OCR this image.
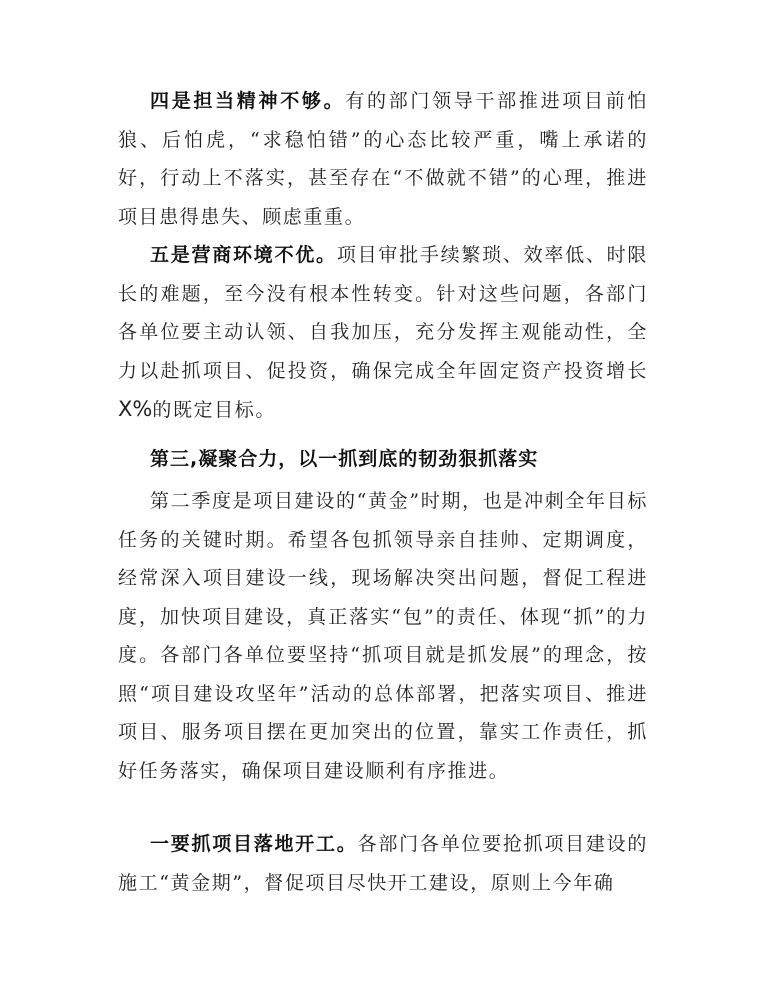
四是担当精神不够。有的部门领导干部推进项目前怕狼、后怕虎，“求稳怕错”的心态比较严重，嘴上承诺的好，行动上不落实，甚至存在“不做就不错”的心理，推进项目患得患失、顾虑重重。

五是营商环境不优。项目审批手续繁琐、效率低、时限长的难题，至今没有根本性转变。针对这些问题，各部门各单位要主动认领、自我加压，充分发挥主观能动性，全力以赴抓项目、促投资，确保完成全年固定资产投资增长X%的既定目标。

第三,凝聚合力，以一抓到底的韧劲狠抓落实

第二季度是项目建设的“黄金”时期，也是冲刺全年目标任务的关键时期。希望各包抓领导亲自挂帅、定期调度，经常深入项目建设一线，现场解决突出问题，督促工程进度，加快项目建设，真正落实“包”的责任、体现“抓”的力度。各部门各单位要坚持“抓项目就是抓发展”的理念，按照“项目建设攻坚年”活动的总体部署，把落实项目、推进项目、服务项目摆在更加突出的位置，靠实工作责任，抓好任务落实，确保项目建设顺利有序推进。

一要抓项目落地开工。各部门各单位要抢抓项目建设的施工“黄金期”，督促项目尽快开工建设，原则上今年确
